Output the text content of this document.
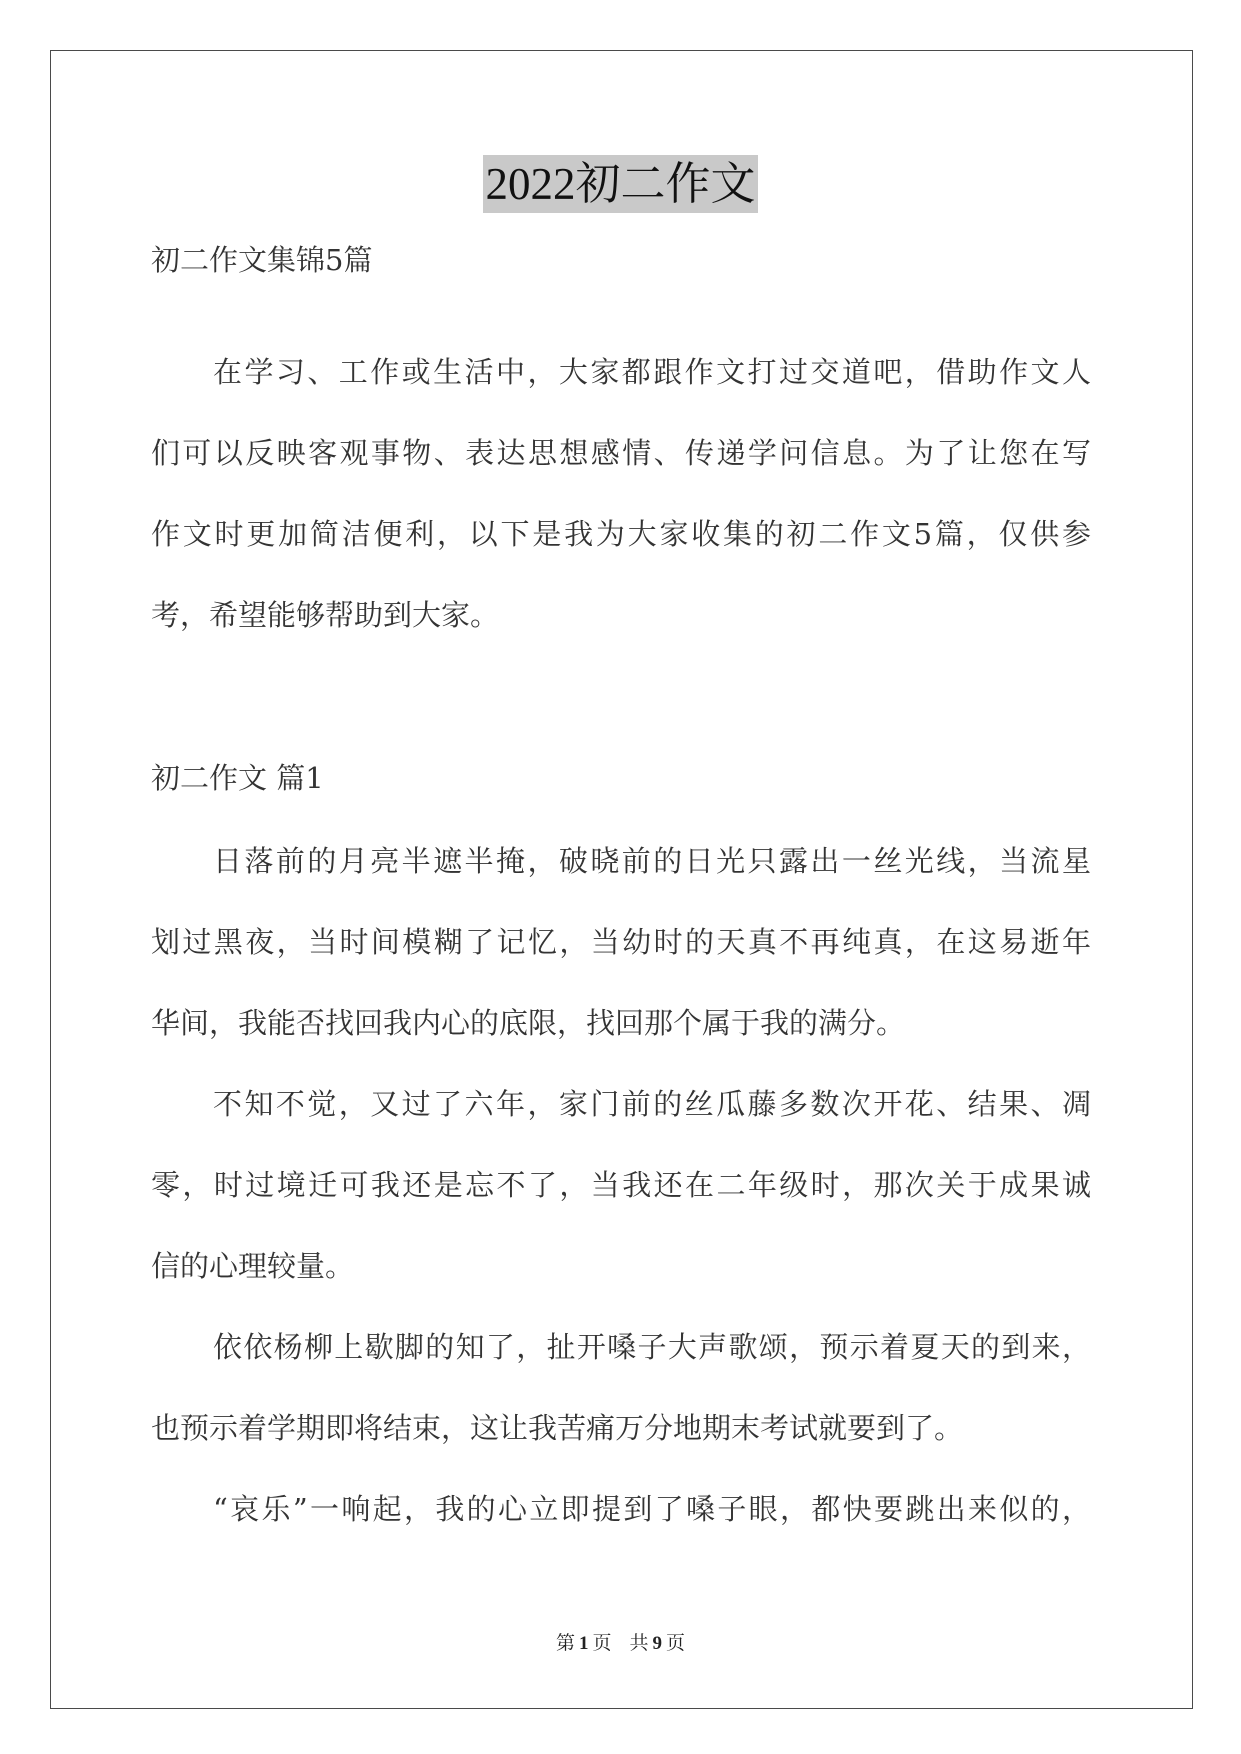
2022初二作文
初二作文集锦5篇
在学习、工作或生活中，大家都跟作文打过交道吧，借助作文人
们可以反映客观事物、表达思想感情、传递学问信息。为了让您在写
作文时更加简洁便利，以下是我为大家收集的初二作文5篇，仅供参
考，希望能够帮助到大家。
初二作文 篇1
日落前的月亮半遮半掩，破晓前的日光只露出一丝光线，当流星
划过黑夜，当时间模糊了记忆，当幼时的天真不再纯真，在这易逝年
华间，我能否找回我内心的底限，找回那个属于我的满分。
不知不觉，又过了六年，家门前的丝瓜藤多数次开花、结果、凋
零，时过境迁可我还是忘不了，当我还在二年级时，那次关于成果诚
信的心理较量。
依依杨柳上歇脚的知了，扯开嗓子大声歌颂，预示着夏天的到来，
也预示着学期即将结束，这让我苦痛万分地期末考试就要到了。
“哀乐”一响起，我的心立即提到了嗓子眼，都快要跳出来似的，
第 1 页 共 9 页
